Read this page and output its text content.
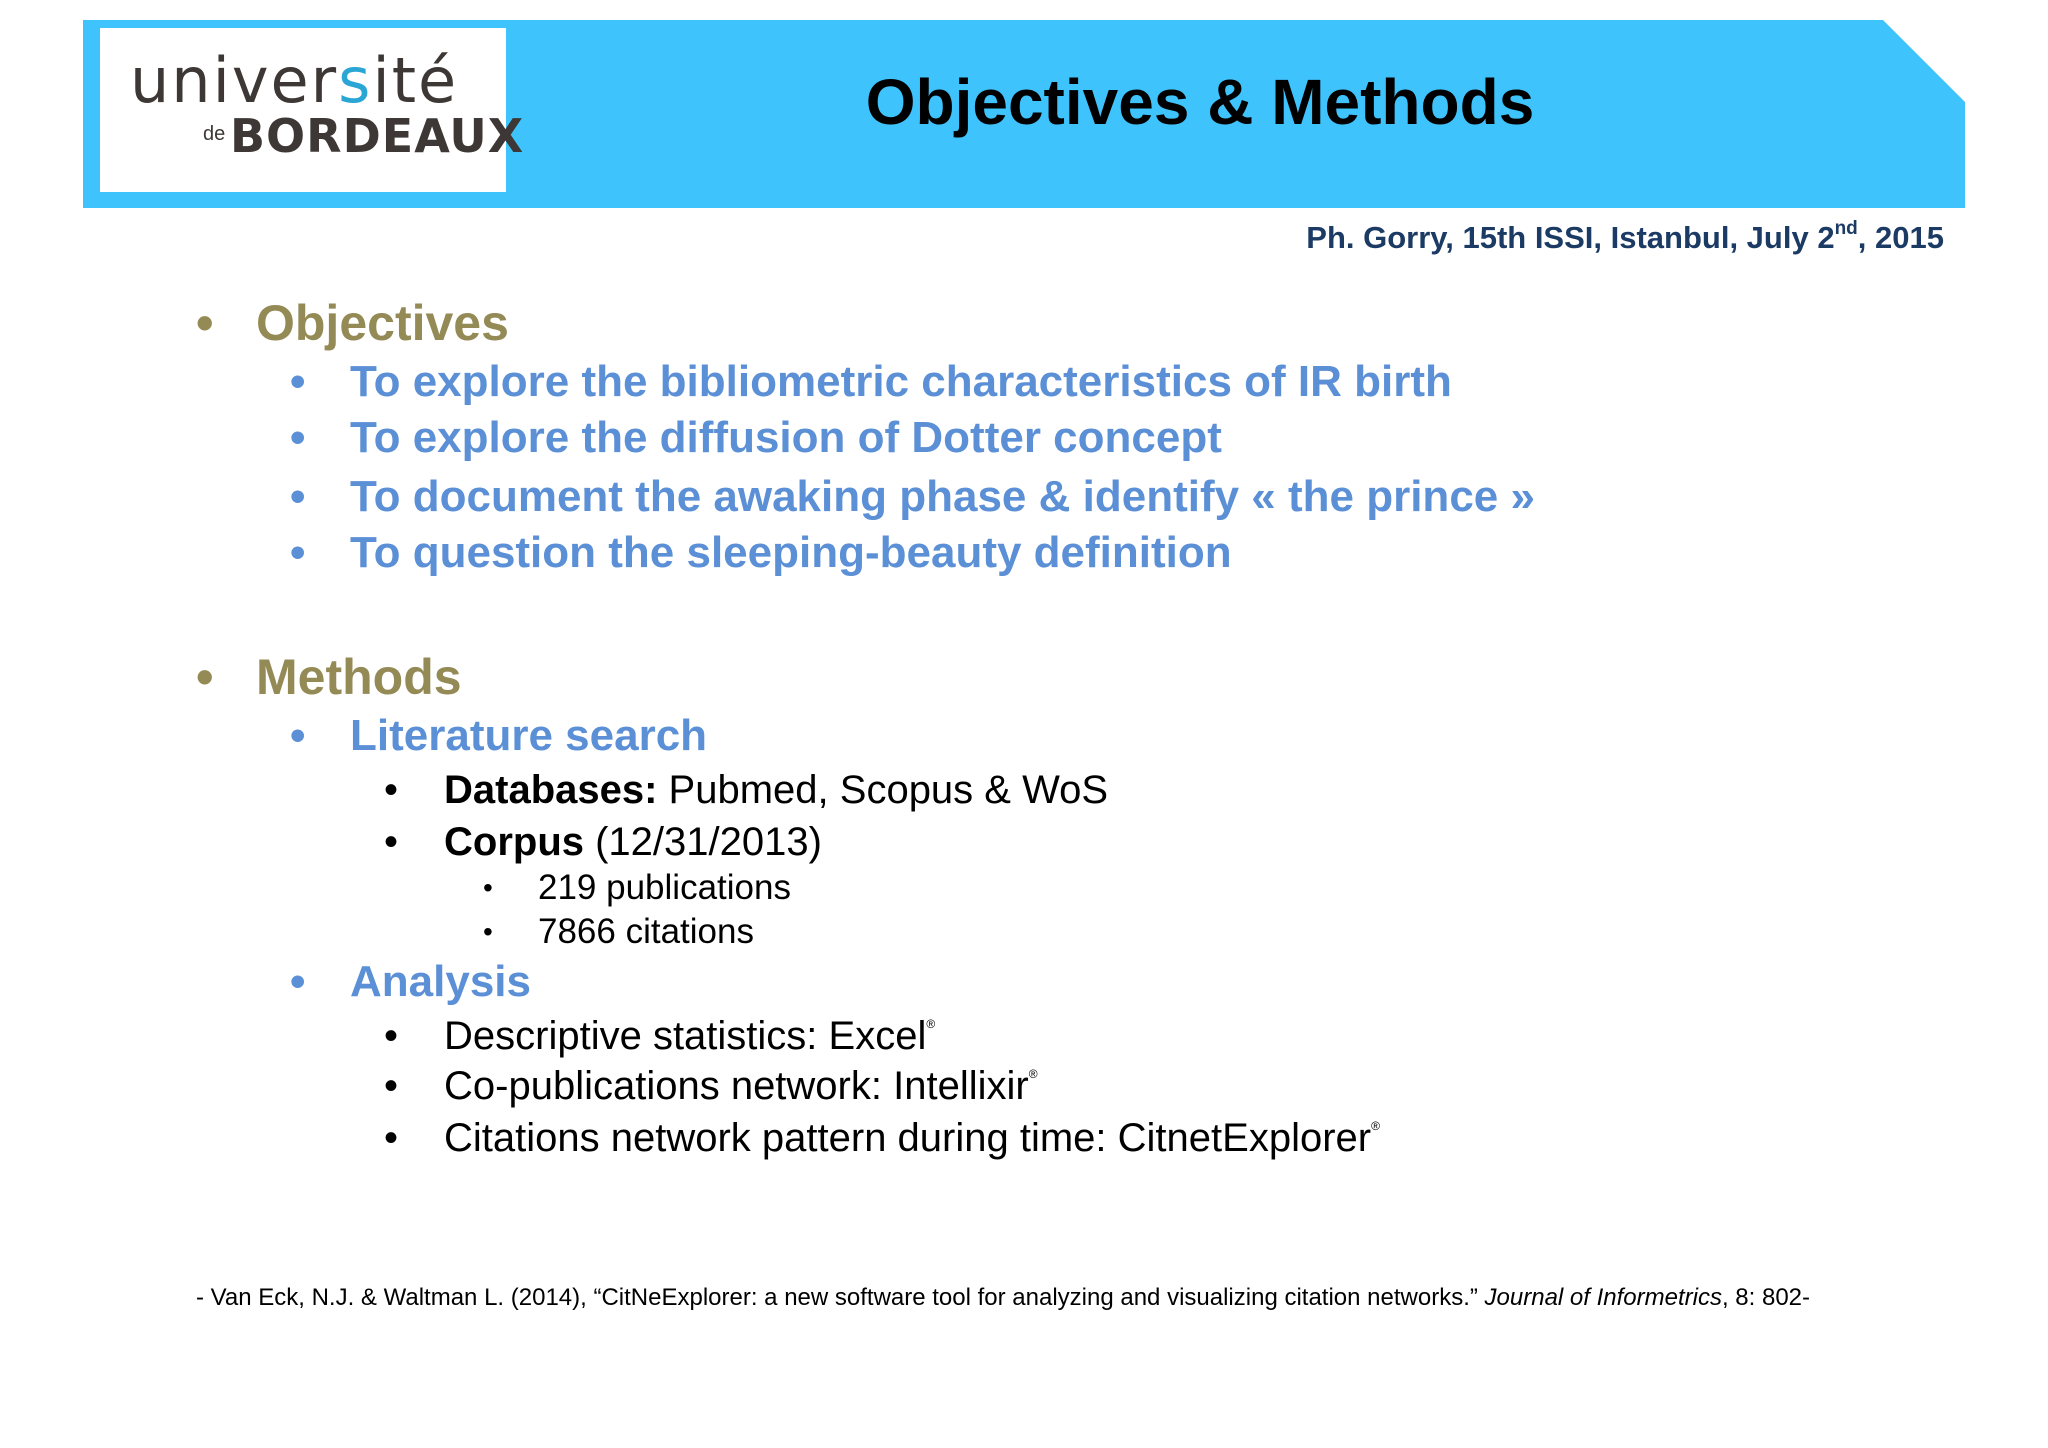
université
de BORDEAUX	Objectives & Methods
Ph. Gorry, 15th ISSI, Istanbul, July 2nd, 2015
• Objectives
• To explore the bibliometric characteristics of IR birth
• To explore the diffusion of Dotter concept
• To document the awaking phase & identify « the prince »
• To question the sleeping-beauty definition
• Methods
• Literature search
• Databases: Pubmed, Scopus & WoS
• Corpus (12/31/2013)
• 219 publications
• 7866 citations
• Analysis
• Descriptive statistics: Excel®
• Co-publications network: Intellixir®
• Citations network pattern during time: CitnetExplorer®
- Van Eck, N.J. & Waltman L. (2014), “CitNeExplorer: a new software tool for analyzing and visualizing citation networks.” Journal of Informetrics, 8: 802-
